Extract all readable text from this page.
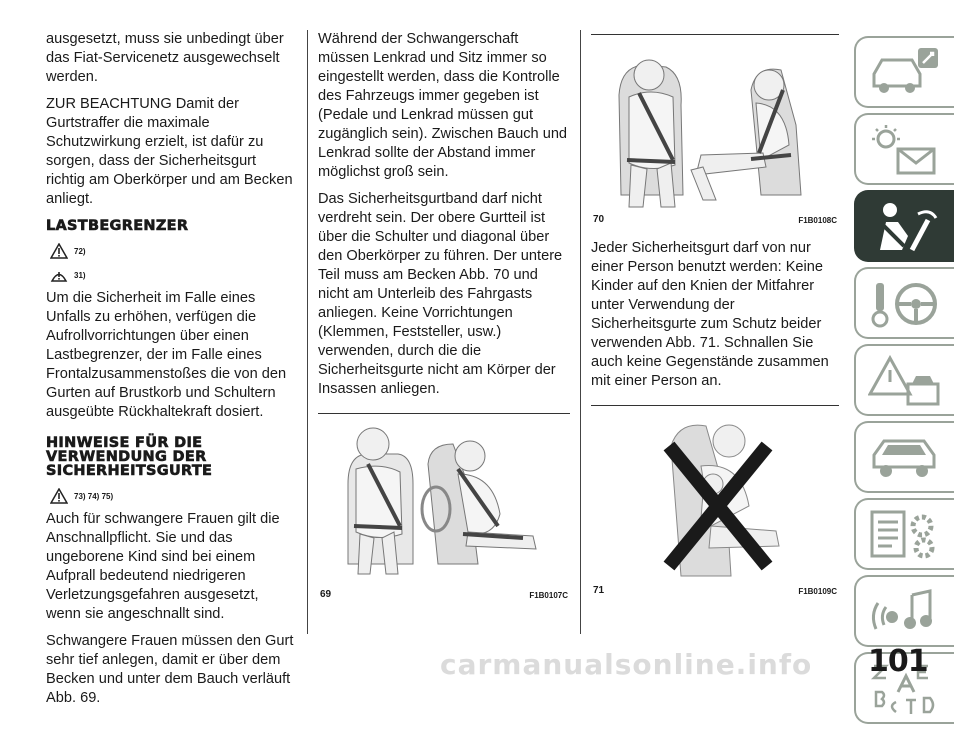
ausgesetzt, muss sie unbedingt über das Fiat-Servicenetz ausgewechselt werden.

ZUR BEACHTUNG Damit der Gurtstraffer die maximale Schutzwirkung erzielt, ist dafür zu sorgen, dass der Sicherheitsgurt richtig am Oberkörper und am Becken anliegt.

LASTBEGRENZER
72)
31)

Um die Sicherheit im Falle eines Unfalls zu erhöhen, verfügen die Aufrollvorrichtungen über einen Lastbegrenzer, der im Falle eines Frontalzusammenstoßes die von den Gurten auf Brustkorb und Schultern ausgeübte Rückhaltekraft dosiert.

HINWEISE FÜR DIE
VERWENDUNG DER
SICHERHEITSGURTE
73) 74) 75)

Auch für schwangere Frauen gilt die Anschnallpflicht. Sie und das ungeborene Kind sind bei einem Aufprall bedeutend niedrigeren Verletzungsgefahren ausgesetzt, wenn sie angeschnallt sind.

Schwangere Frauen müssen den Gurt sehr tief anlegen, damit er über dem Becken und unter dem Bauch verläuft Abb. 69.

Während der Schwangerschaft müssen Lenkrad und Sitz immer so eingestellt werden, dass die Kontrolle des Fahrzeugs immer gegeben ist (Pedale und Lenkrad müssen gut zugänglich sein). Zwischen Bauch und Lenkrad sollte der Abstand immer möglichst groß sein.

Das Sicherheitsgurtband darf nicht verdreht sein. Der obere Gurtteil ist über die Schulter und diagonal über den Oberkörper zu führen. Der untere Teil muss am Becken Abb. 70 und nicht am Unterleib des Fahrgasts anliegen. Keine Vorrichtungen (Klemmen, Feststeller, usw.) verwenden, durch die die Sicherheitsgurte nicht am Körper der Insassen anliegen.

69	F1B0107C
70	F1B0108C

Jeder Sicherheitsgurt darf von nur einer Person benutzt werden: Keine Kinder auf den Knien der Mitfahrer unter Verwendung der Sicherheitsgurte zum Schutz beider verwenden Abb. 71. Schnallen Sie auch keine Gegenstände zusammen mit einer Person an.

71	F1B0109C
carmanualsonline.info 101
